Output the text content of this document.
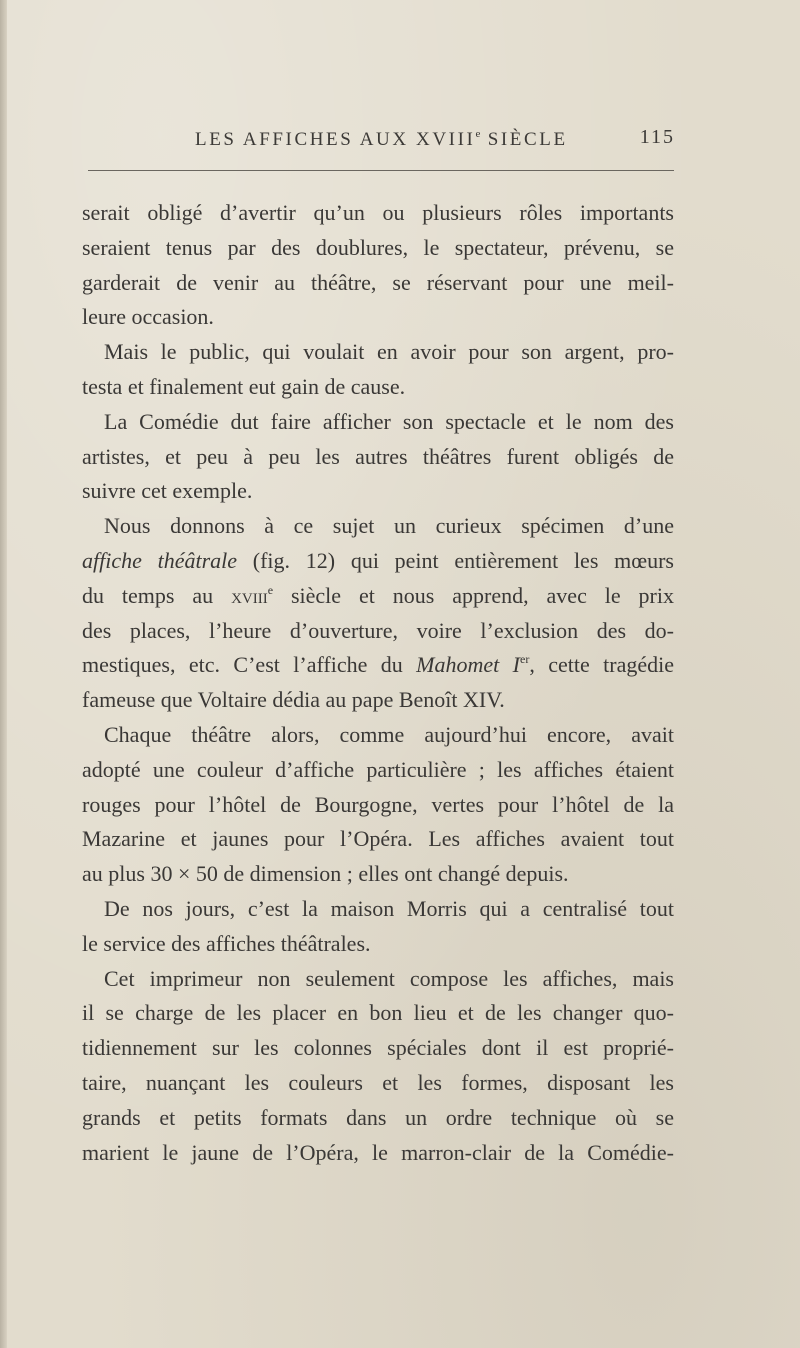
LES AFFICHES AUX XVIIIe SIÈCLE	115
serait obligé d’avertir qu’un ou plusieurs rôles importants
seraient tenus par des doublures, le spectateur, prévenu, se
garderait de venir au théâtre, se réservant pour une meil-
leure occasion.
Mais le public, qui voulait en avoir pour son argent, pro-
testa et finalement eut gain de cause.
La Comédie dut faire afficher son spectacle et le nom des
artistes, et peu à peu les autres théâtres furent obligés de
suivre cet exemple.
Nous donnons à ce sujet un curieux spécimen d’une
affiche théâtrale (fig. 12) qui peint entièrement les mœurs
du temps au xviii$^e$ siècle et nous apprend, avec le prix
des places, l’heure d’ouverture, voire l’exclusion des do-
mestiques, etc. C’est l’affiche du Mahomet Ier, cette tragédie
fameuse que Voltaire dédia au pape Benoît XIV.
Chaque théâtre alors, comme aujourd’hui encore, avait
adopté une couleur d’affiche particulière ; les affiches étaient
rouges pour l’hôtel de Bourgogne, vertes pour l’hôtel de la
Mazarine et jaunes pour l’Opéra. Les affiches avaient tout
au plus 30 × 50 de dimension ; elles ont changé depuis.
De nos jours, c’est la maison Morris qui a centralisé tout
le service des affiches théâtrales.
Cet imprimeur non seulement compose les affiches, mais
il se charge de les placer en bon lieu et de les changer quo-
tidiennement sur les colonnes spéciales dont il est proprié-
taire, nuançant les couleurs et les formes, disposant les
grands et petits formats dans un ordre technique où se
marient le jaune de l’Opéra, le marron-clair de la Comédie-
